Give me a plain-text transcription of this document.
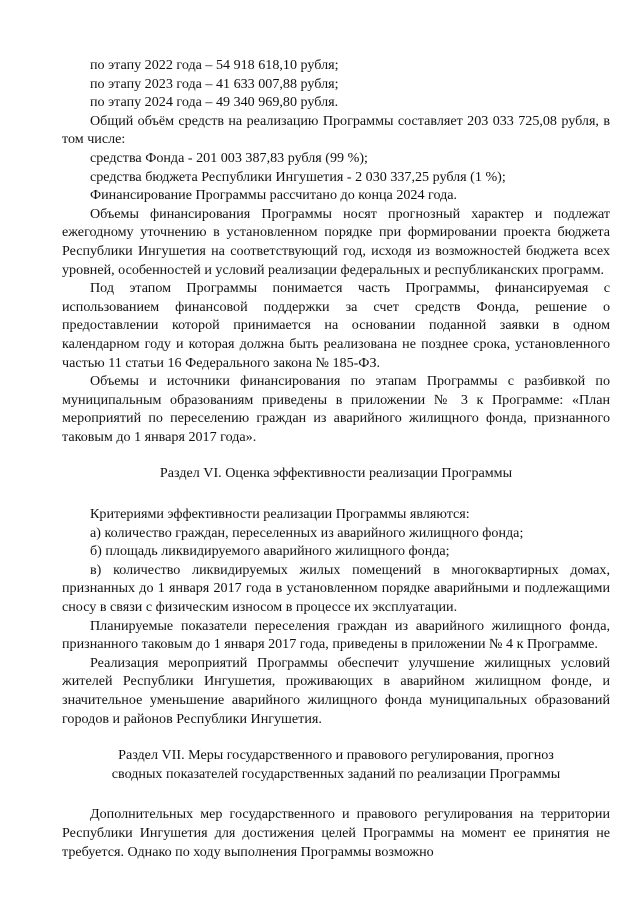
по этапу 2022 года – 54 918 618,10 рубля;

по этапу 2023 года – 41 633 007,88 рубля;

по этапу 2024 года – 49 340 969,80 рубля.

Общий объём средств на реализацию Программы составляет 203 033 725,08 рубля, в том числе:

средства Фонда - 201 003 387,83 рубля (99 %);

средства бюджета Республики Ингушетия - 2 030 337,25 рубля (1 %);

Финансирование Программы рассчитано до конца 2024 года.

Объемы финансирования Программы носят прогнозный характер и подлежат ежегодному уточнению в установленном порядке при формировании проекта бюджета Республики Ингушетия на соответствующий год, исходя из возможностей бюджета всех уровней, особенностей и условий реализации федеральных и республиканских программ.

Под этапом Программы понимается часть Программы, финансируемая с использованием финансовой поддержки за счет средств Фонда, решение о предоставлении которой принимается на основании поданной заявки в одном календарном году и которая должна быть реализована не позднее срока, установленного частью 11 статьи 16 Федерального закона № 185-ФЗ.

Объемы и источники финансирования по этапам Программы с разбивкой по муниципальным образованиям приведены в приложении № 3 к Программе: «План мероприятий по переселению граждан из аварийного жилищного фонда, признанного таковым до 1 января 2017 года».

Раздел VI. Оценка эффективности реализации Программы

Критериями эффективности реализации Программы являются:

а) количество граждан, переселенных из аварийного жилищного фонда;

б) площадь ликвидируемого аварийного жилищного фонда;

в) количество ликвидируемых жилых помещений в многоквартирных домах, признанных до 1 января 2017 года в установленном порядке аварийными и подлежащими сносу в связи с физическим износом в процессе их эксплуатации.

Планируемые показатели переселения граждан из аварийного жилищного фонда, признанного таковым до 1 января 2017 года, приведены в приложении № 4 к Программе.

Реализация мероприятий Программы обеспечит улучшение жилищных условий жителей Республики Ингушетия, проживающих в аварийном жилищном фонде, и значительное уменьшение аварийного жилищного фонда муниципальных образований городов и районов Республики Ингушетия.

Раздел VII. Меры государственного и правового регулирования, прогноз

сводных показателей государственных заданий по реализации Программы

Дополнительных мер государственного и правового регулирования на территории Республики Ингушетия для достижения целей Программы на момент ее принятия не требуется. Однако по ходу выполнения Программы возможно
